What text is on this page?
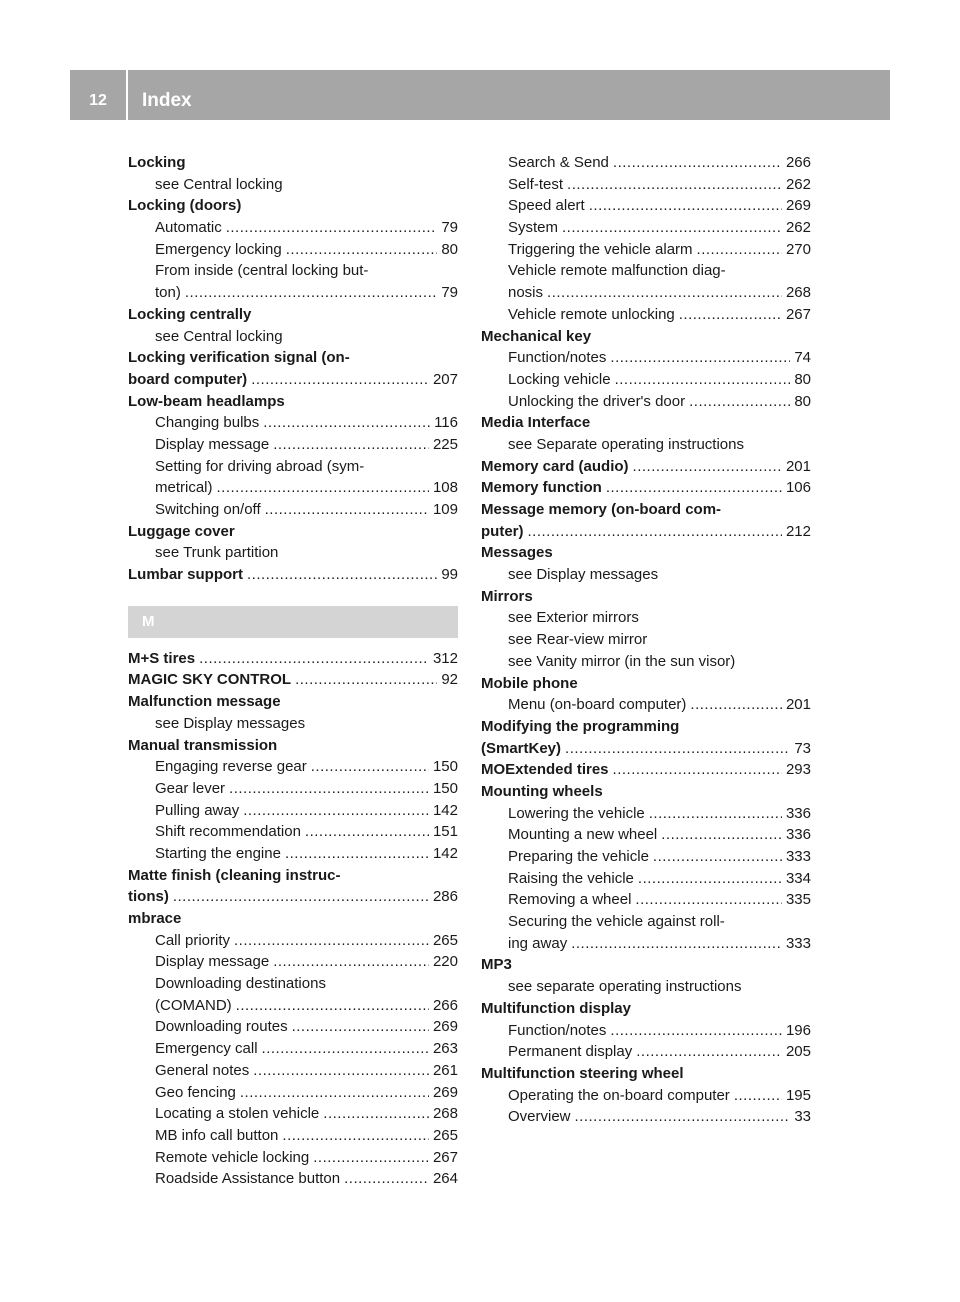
12	Index
Locking
see Central locking
Locking (doors)
Automatic .....	79
Emergency locking .....	80
From inside (central locking but-
ton) .....	79
Locking centrally
see Central locking
Locking verification signal (on-
board computer) .....	207
Low-beam headlamps
Changing bulbs .....	116
Display message .....	225
Setting for driving abroad (sym-
metrical) .....	108
Switching on/off .....	109
Luggage cover
see Trunk partition
Lumbar support .....	99
M
M+S tires .....	312
MAGIC SKY CONTROL .....	92
Malfunction message
see Display messages
Manual transmission
Engaging reverse gear .....	150
Gear lever .....	150
Pulling away .....	142
Shift recommendation .....	151
Starting the engine .....	142
Matte finish (cleaning instruc-
tions) .....	286
mbrace
Call priority .....	265
Display message .....	220
Downloading destinations
(COMAND) .....	266
Downloading routes .....	269
Emergency call .....	263
General notes .....	261
Geo fencing .....	269
Locating a stolen vehicle .....	268
MB info call button .....	265
Remote vehicle locking .....	267
Roadside Assistance button .....	264
Search & Send .....	266
Self-test .....	262
Speed alert .....	269
System .....	262
Triggering the vehicle alarm .....	270
Vehicle remote malfunction diag-
nosis .....	268
Vehicle remote unlocking .....	267
Mechanical key
Function/notes .....	74
Locking vehicle .....	80
Unlocking the driver's door .....	80
Media Interface
see Separate operating instructions
Memory card (audio) .....	201
Memory function .....	106
Message memory (on-board com-
puter) .....	212
Messages
see Display messages
Mirrors
see Exterior mirrors
see Rear-view mirror
see Vanity mirror (in the sun visor)
Mobile phone
Menu (on-board computer) .....	201
Modifying the programming
(SmartKey) .....	73
MOExtended tires .....	293
Mounting wheels
Lowering the vehicle .....	336
Mounting a new wheel .....	336
Preparing the vehicle .....	333
Raising the vehicle .....	334
Removing a wheel .....	335
Securing the vehicle against roll-
ing away .....	333
MP3
see separate operating instructions
Multifunction display
Function/notes .....	196
Permanent display .....	205
Multifunction steering wheel
Operating the on-board computer .....	195
Overview .....	33
